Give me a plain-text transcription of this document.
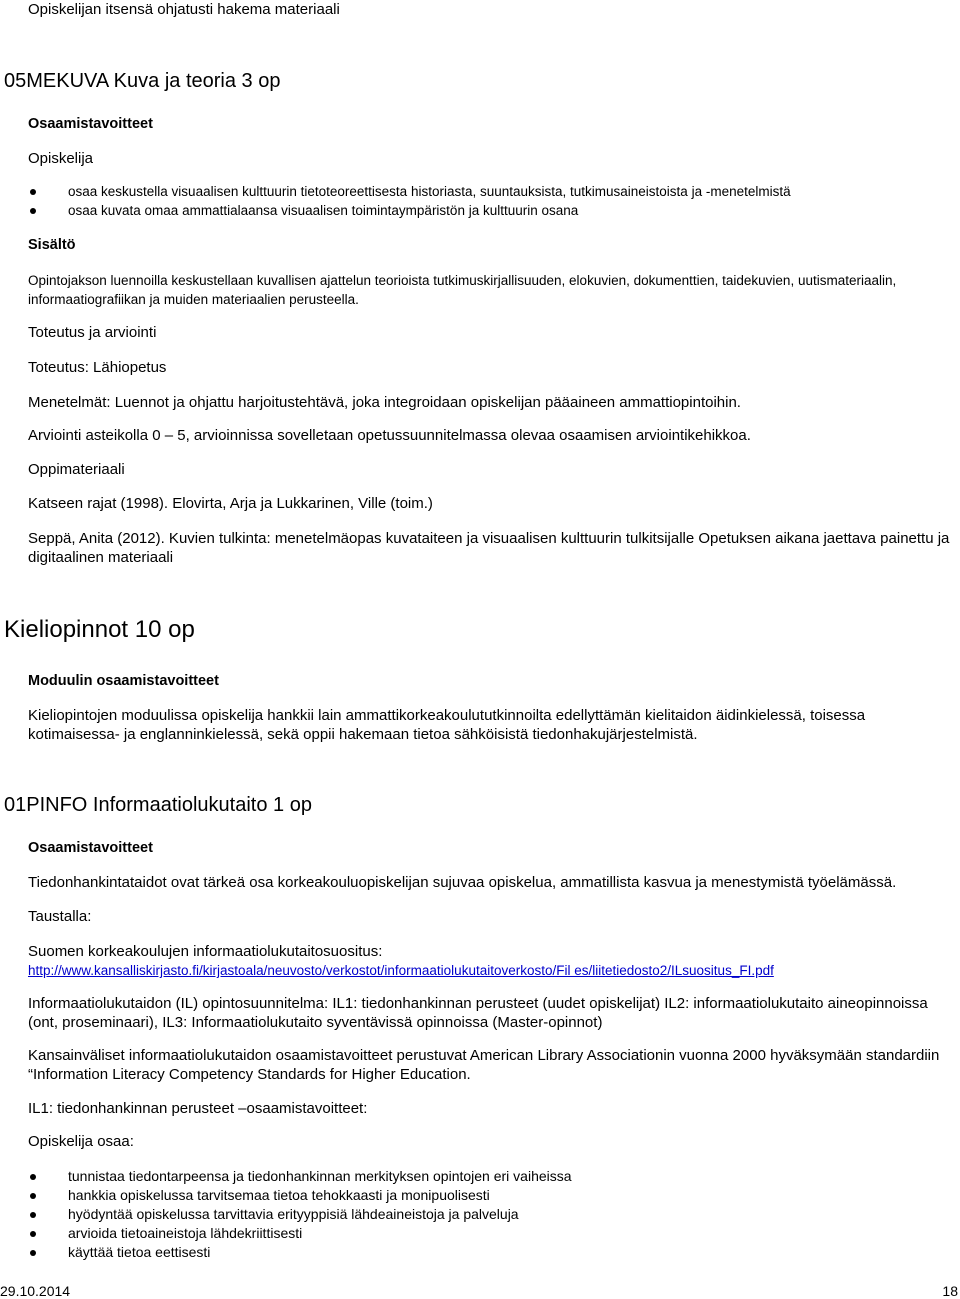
Opiskelijan itsensä ohjatusti hakema materiaali
05MEKUVA Kuva ja teoria 3 op
Osaamistavoitteet
Opiskelija
osaa keskustella visuaalisen kulttuurin tietoteoreettisesta historiasta, suuntauksista, tutkimusaineistoista ja -menetelmistä
osaa kuvata omaa ammattialaansa visuaalisen toimintaympäristön ja kulttuurin osana
Sisältö
Opintojakson luennoilla keskustellaan kuvallisen ajattelun teorioista tutkimuskirjallisuuden, elokuvien, dokumenttien, taidekuvien, uutismateriaalin, informaatiografiikan ja muiden materiaalien perusteella.
Toteutus ja arviointi
Toteutus: Lähiopetus
Menetelmät: Luennot ja ohjattu harjoitustehtävä, joka integroidaan opiskelijan pääaineen ammattiopintoihin.
Arviointi asteikolla 0 – 5, arvioinnissa sovelletaan opetussuunnitelmassa olevaa osaamisen arviointikehikkoa.
Oppimateriaali
Katseen rajat (1998). Elovirta, Arja ja Lukkarinen, Ville (toim.)
Seppä, Anita (2012). Kuvien tulkinta: menetelmäopas kuvataiteen ja visuaalisen kulttuurin tulkitsijalle Opetuksen aikana jaettava painettu ja digitaalinen materiaali
Kieliopinnot 10 op
Moduulin osaamistavoitteet
Kieliopintojen moduulissa opiskelija hankkii lain ammattikorkeakoulututkinnoilta edellyttämän kielitaidon äidinkielessä, toisessa kotimaisessa- ja englanninkielessä, sekä oppii hakemaan tietoa sähköisistä tiedonhakujärjestelmistä.
01PINFO Informaatiolukutaito 1 op
Osaamistavoitteet
Tiedonhankintataidot ovat tärkeä osa korkeakouluopiskelijan sujuvaa opiskelua, ammatillista kasvua ja menestymistä työelämässä.
Taustalla:
Suomen korkeakoulujen informaatiolukutaitosuositus:
http://www.kansalliskirjasto.fi/kirjastoala/neuvosto/verkostot/informaatiolukutaitoverkosto/Fil es/liitetiedosto2/ILsuositus_FI.pdf
Informaatiolukutaidon (IL) opintosuunnitelma: IL1: tiedonhankinnan perusteet (uudet opiskelijat) IL2: informaatiolukutaito aineopinnoissa (ont, proseminaari), IL3: Informaatiolukutaito syventävissä opinnoissa (Master-opinnot)
Kansainväliset informaatiolukutaidon osaamistavoitteet perustuvat American Library Associationin vuonna 2000 hyväksymään standardiin “Information Literacy Competency Standards for Higher Education.
IL1: tiedonhankinnan perusteet –osaamistavoitteet:
Opiskelija osaa:
tunnistaa tiedontarpeensa ja tiedonhankinnan merkityksen opintojen eri vaiheissa
hankkia opiskelussa tarvitsemaa tietoa tehokkaasti ja monipuolisesti
hyödyntää opiskelussa tarvittavia erityyppisiä lähdeaineistoja ja palveluja
arvioida tietoaineistoja lähdekriittisesti
käyttää tietoa eettisesti
29.10.2014	18
